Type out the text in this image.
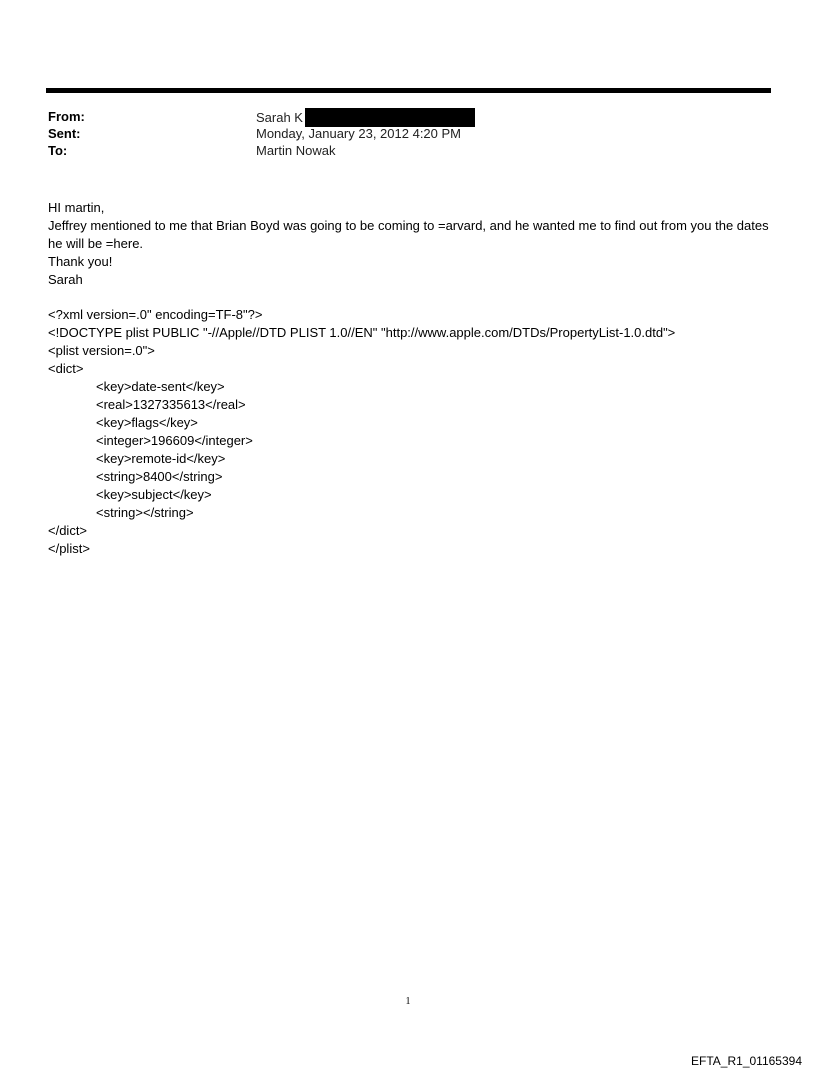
From:	Sarah K
Sent:	Monday, January 23, 2012 4:20 PM
To:	Martin Nowak

HI martin,

Jeffrey mentioned to me that Brian Boyd was going to be coming to =arvard, and he wanted me to find out from you the dates he will be =here.

Thank you!

Sarah

<?xml version=.0" encoding=TF-8"?>
<!DOCTYPE plist PUBLIC "-//Apple//DTD PLIST 1.0//EN" "http://www.apple.com/DTDs/PropertyList-1.0.dtd">
<plist version=.0">
<dict>
<key>date-sent</key>
<real>1327335613</real>
<key>flags</key>
<integer>196609</integer>
<key>remote-id</key>
<string>8400</string>
<key>subject</key>
<string></string>
</dict>
</plist>
1
EFTA_R1_01165394
